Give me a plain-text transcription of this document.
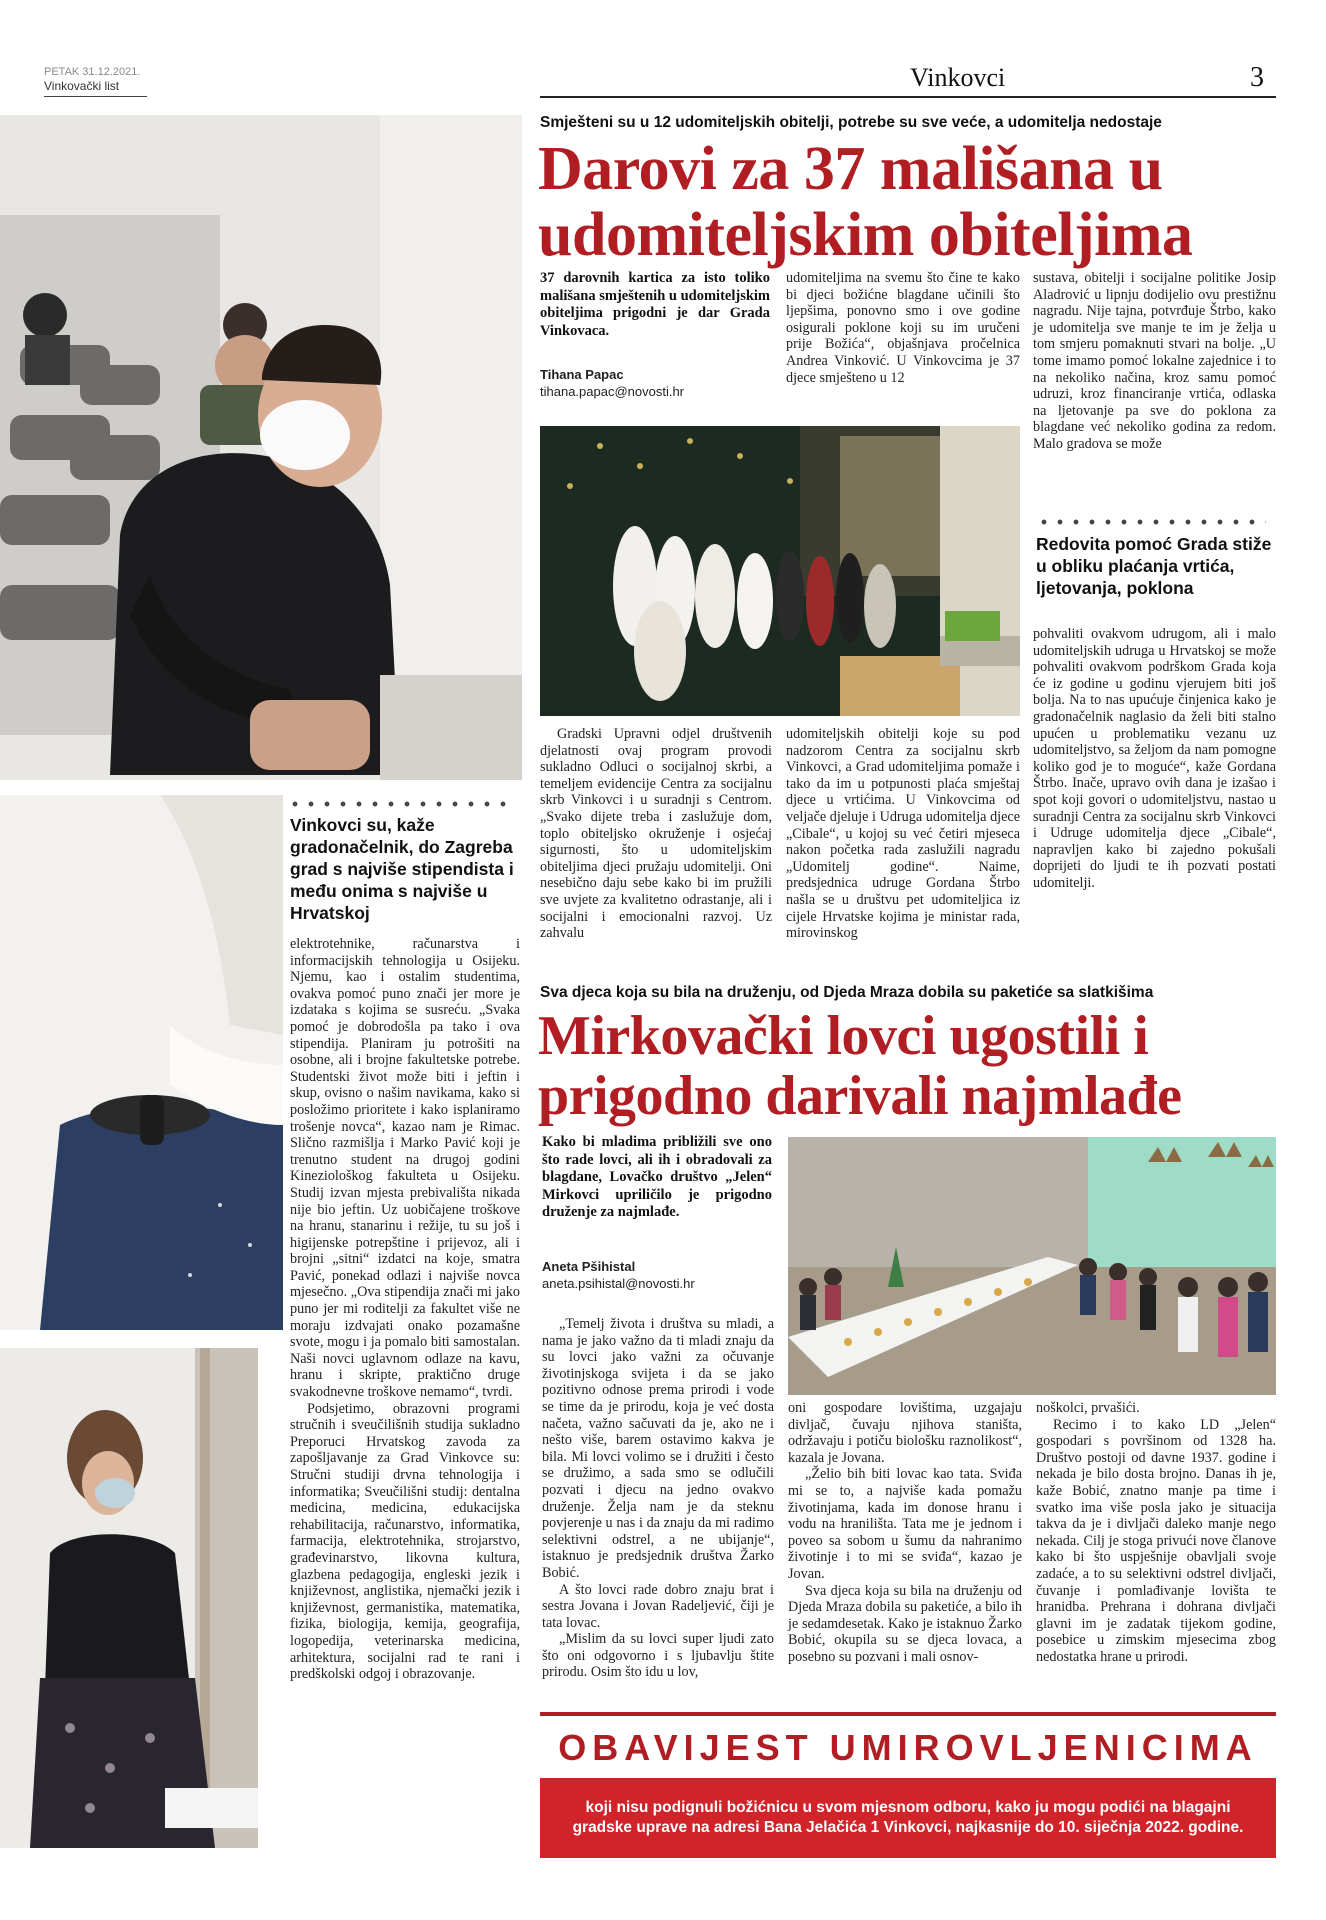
PETAK 31.12.2021.
Vinkovački list	Vinkovci	3
Vinkovci su, kaže gradonačelnik, do Zagreba grad s najviše stipendista i među onima s najviše u Hrvatskoj

elektrotehnike, računarstva i informacijskih tehnologija u Osijeku. Njemu, kao i ostalim studentima, ovakva pomoć puno znači jer more je izdataka s kojima se susreću. „Svaka pomoć je dobrodošla pa tako i ova stipendija. Planiram ju potrošiti na osobne, ali i brojne fakultetske potrebe. Studentski život može biti i jeftin i skup, ovisno o našim navikama, kako si posložimo prioritete i kako isplaniramo trošenje novca“, kazao nam je Rimac. Slično razmišlja i Marko Pavić koji je trenutno student na drugoj godini Kineziološkog fakulteta u Osijeku. Studij izvan mjesta prebivališta nikada nije bio jeftin. Uz uobičajene troškove na hranu, stanarinu i režije, tu su još i higijenske potrepštine i prijevoz, ali i brojni „sitni“ izdatci na koje, smatra Pavić, ponekad odlazi i najviše novca mjesečno. „Ova stipendija znači mi jako puno jer mi roditelji za fakultet više ne moraju izdvajati onako pozamašne svote, mogu i ja pomalo biti samostalan. Naši novci uglavnom odlaze na kavu, hranu i skripte, praktično druge svakodnevne troškove nemamo“, tvrdi.

Podsjetimo, obrazovni programi stručnih i sveučilišnih studija sukladno Preporuci Hrvatskog zavoda za zapošljavanje za Grad Vinkovce su: Stručni studiji drvna tehnologija i informatika; Sveučilišni studij: dentalna medicina, medicina, edukacijska rehabilitacija, računarstvo, informatika, farmacija, elektrotehnika, strojarstvo, građevinarstvo, likovna kultura, glazbena pedagogija, engleski jezik i književnost, anglistika, njemački jezik i književnost, germanistika, matematika, fizika, biologija, kemija, geografija, logopedija, veterinarska medicina, arhitektura, socijalni rad te rani i predškolski odgoj i obrazovanje.

Smješteni su u 12 udomiteljskih obitelji, potrebe su sve veće, a udomitelja nedostaje
Darovi za 37 mališana u
udomiteljskim obiteljima
37 darovnih kartica za isto toliko mališana smještenih u udomiteljskim obiteljima prigodni je dar Grada Vinkovaca.
Tihana Papac
tihana.papac@novosti.hr

udomiteljima na svemu što čine te kako bi djeci božićne blagdane učinili što ljepšima, ponovno smo i ove godine osigurali poklone koji su im uručeni prije Božića“, objašnjava pročelnica Andrea Vinković. U Vinkovcima je 37 djece smješteno u 12

sustava, obitelji i socijalne politike Josip Aladrović u lipnju dodijelio ovu prestižnu nagradu. Nije tajna, potvrđuje Štrbo, kako je udomitelja sve manje te im je želja u tom smjeru pomaknuti stvari na bolje. „U tome imamo pomoć lokalne zajednice i to na nekoliko načina, kroz samu pomoć udruzi, kroz financiranje vrtića, odlaska na ljetovanje pa sve do poklona za blagdane već nekoliko godina za redom. Malo gradova se može

Redovita pomoć Grada stiže u obliku plaćanja vrtića, ljetovanja, poklona

pohvaliti ovakvom udrugom, ali i malo udomiteljskih udruga u Hrvatskoj se može pohvaliti ovakvom podrškom Grada koja će iz godine u godinu vjerujem biti još bolja. Na to nas upućuje činjenica kako je gradonačelnik naglasio da želi biti stalno upućen u problematiku vezanu uz udomiteljstvo, sa željom da nam pomogne koliko god je to moguće“, kaže Gordana Štrbo. Inače, upravo ovih dana je izašao i spot koji govori o udomiteljstvu, nastao u suradnji Centra za socijalnu skrb Vinkovci i Udruge udomitelja djece „Cibale“, napravljen kako bi zajedno pokušali doprijeti do ljudi te ih pozvati postati udomitelji.

Gradski Upravni odjel društvenih djelatnosti ovaj program provodi sukladno Odluci o socijalnoj skrbi, a temeljem evidencije Centra za socijalnu skrb Vinkovci i u suradnji s Centrom. „Svako dijete treba i zaslužuje dom, toplo obiteljsko okruženje i osjećaj sigurnosti, što u udomiteljskim obiteljima djeci pružaju udomitelji. Oni nesebično daju sebe kako bi im pružili sve uvjete za kvalitetno odrastanje, ali i socijalni i emocionalni razvoj. Uz zahvalu

udomiteljskih obitelji koje su pod nadzorom Centra za socijalnu skrb Vinkovci, a Grad udomiteljima pomaže i tako da im u potpunosti plaća smještaj djece u vrtićima. U Vinkovcima od veljače djeluje i Udruga udomitelja djece „Cibale“, u kojoj su već četiri mjeseca nakon početka rada zaslužili nagradu „Udomitelj godine“. Naime, predsjednica udruge Gordana Štrbo našla se u društvu pet udomiteljica iz cijele Hrvatske kojima je ministar rada, mirovinskog

Sva djeca koja su bila na druženju, od Djeda Mraza dobila su paketiće sa slatkišima
Mirkovački lovci ugostili i
prigodno darivali najmlađe
Kako bi mladima približili sve ono što rade lovci, ali ih i obradovali za blagdane, Lovačko društvo „Jelen“ Mirkovci upriličilo je prigodno druženje za najmlađe.
Aneta Pšihistal
aneta.psihistal@novosti.hr

„Temelj života i društva su mladi, a nama je jako važno da ti mladi znaju da su lovci jako važni za očuvanje životinjskoga svijeta i da se jako pozitivno odnose prema prirodi i vode se time da je prirodu, koja je već dosta načeta, važno sačuvati da je, ako ne i nešto više, barem ostavimo kakva je bila. Mi lovci volimo se i družiti i često se družimo, a sada smo se odlučili pozvati i djecu na jedno ovakvo druženje. Želja nam je da steknu povjerenje u nas i da znaju da mi radimo selektivni odstrel, a ne ubijanje“, istaknuo je predsjednik društva Žarko Bobić.

A što lovci rade dobro znaju brat i sestra Jovana i Jovan Radeljević, čiji je tata lovac.

„Mislim da su lovci super ljudi zato što oni odgovorno i s ljubavlju štite prirodu. Osim što idu u lov,

oni gospodare lovištima, uzgajaju divljač, čuvaju njihova staništa, održavaju i potiču biološku raznolikost“, kazala je Jovana.

„Želio bih biti lovac kao tata. Sviđa mi se to, a najviše kada pomažu životinjama, kada im donose hranu i vodu na hranilišta. Tata me je jednom i poveo sa sobom u šumu da nahranimo životinje i to mi se sviđa“, kazao je Jovan.

Sva djeca koja su bila na druženju od Djeda Mraza dobila su paketiće, a bilo ih je sedamdesetak. Kako je istaknuo Žarko Bobić, okupila su se djeca lovaca, a posebno su pozvani i mali osnov-

noškolci, prvašići.

Recimo i to kako LD „Jelen“ gospodari s površinom od 1328 ha. Društvo postoji od davne 1937. godine i nekada je bilo dosta brojno. Danas ih je, kaže Bobić, znatno manje pa time i svatko ima više posla jako je situacija takva da je i divljači daleko manje nego nekada. Cilj je stoga privući nove članove kako bi što uspješnije obavljali svoje zadaće, a to su selektivni odstrel divljači, čuvanje i pomlađivanje lovišta te hranidba. Prehrana i dohrana divljači glavni im je zadatak tijekom godine, posebice u zimskim mjesecima zbog nedostatka hrane u prirodi.

OBAVIJEST UMIROVLJENICIMA
koji nisu podignuli božićnicu u svom mjesnom odboru, kako ju mogu podići na blagajni gradske uprave na adresi Bana Jelačića 1 Vinkovci, najkasnije do 10. siječnja 2022. godine.
